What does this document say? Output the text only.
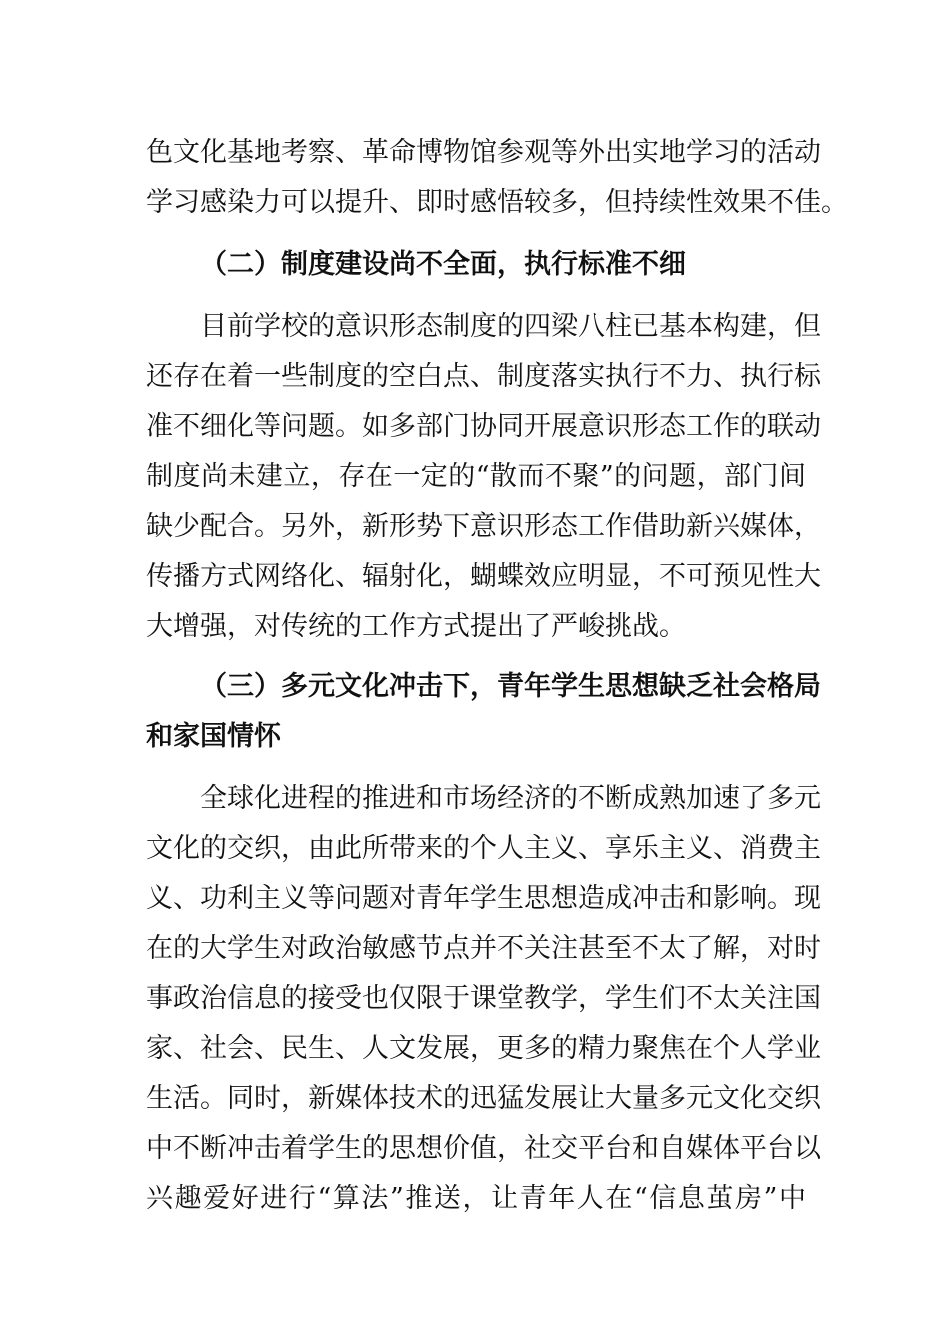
色文化基地考察、革命博物馆参观等外出实地学习的活动
学习感染力可以提升、即时感悟较多，但持续性效果不佳。
（二）制度建设尚不全面，执行标准不细
目前学校的意识形态制度的四梁八柱已基本构建，但
还存在着一些制度的空白点、制度落实执行不力、执行标
准不细化等问题。如多部门协同开展意识形态工作的联动
制度尚未建立，存在一定的“散而不聚”的问题，部门间
缺少配合。另外，新形势下意识形态工作借助新兴媒体，
传播方式网络化、辐射化，蝴蝶效应明显，不可预见性大
大增强，对传统的工作方式提出了严峻挑战。
（三）多元文化冲击下，青年学生思想缺乏社会格局
和家国情怀
全球化进程的推进和市场经济的不断成熟加速了多元
文化的交织，由此所带来的个人主义、享乐主义、消费主
义、功利主义等问题对青年学生思想造成冲击和影响。现
在的大学生对政治敏感节点并不关注甚至不太了解，对时
事政治信息的接受也仅限于课堂教学，学生们不太关注国
家、社会、民生、人文发展，更多的精力聚焦在个人学业
生活。同时，新媒体技术的迅猛发展让大量多元文化交织
中不断冲击着学生的思想价值，社交平台和自媒体平台以
兴趣爱好进行“算法”推送，让青年人在“信息茧房”中
